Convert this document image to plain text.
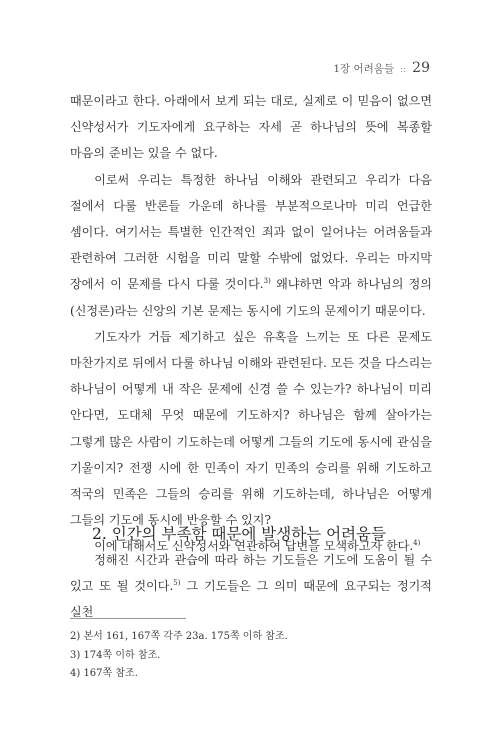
1장 어려움들 :: 29

때문이라고 한다. 아래에서 보게 되는 대로, 실제로 이 믿음이 없으면 신약성서가 기도자에게 요구하는 자세 곧 하나님의 뜻에 복종할 마음의 준비는 있을 수 없다.

이로써 우리는 특정한 하나님 이해와 관련되고 우리가 다음 절에서 다룰 반론들 가운데 하나를 부분적으로나마 미리 언급한 셈이다. 여기서는 특별한 인간적인 죄과 없이 일어나는 어려움들과 관련하여 그러한 시험을 미리 말할 수밖에 없었다. 우리는 마지막 장에서 이 문제를 다시 다룰 것이다.$^{3)}$ 왜냐하면 악과 하나님의 정의(신정론)라는 신앙의 기본 문제는 동시에 기도의 문제이기 때문이다.

기도자가 거듭 제기하고 싶은 유혹을 느끼는 또 다른 문제도 마찬가지로 뒤에서 다룰 하나님 이해와 관련된다. 모든 것을 다스리는 하나님이 어떻게 내 작은 문제에 신경 쓸 수 있는가? 하나님이 미리 안다면, 도대체 무엇 때문에 기도하지? 하나님은 함께 살아가는 그렇게 많은 사람이 기도하는데 어떻게 그들의 기도에 동시에 관심을 기울이지? 전쟁 시에 한 민족이 자기 민족의 승리를 위해 기도하고 적국의 민족은 그들의 승리를 위해 기도하는데, 하나님은 어떻게 그들의 기도에 동시에 반응할 수 있지?

이에 대해서도 신약성서와 연관하여 답변을 모색하고자 한다.$^{4)}$

2. 인간의 부족함 때문에 발생하는 어려움들

정해진 시간과 관습에 따라 하는 기도들은 기도에 도움이 될 수 있고 또 될 것이다.$^{5)}$ 그 기도들은 그 의미 때문에 요구되는 정기적 실천

2) 본서 161, 167쪽 각주 23a. 175쪽 이하 참조.
3) 174쪽 이하 참조.
4) 167쪽 참조.
